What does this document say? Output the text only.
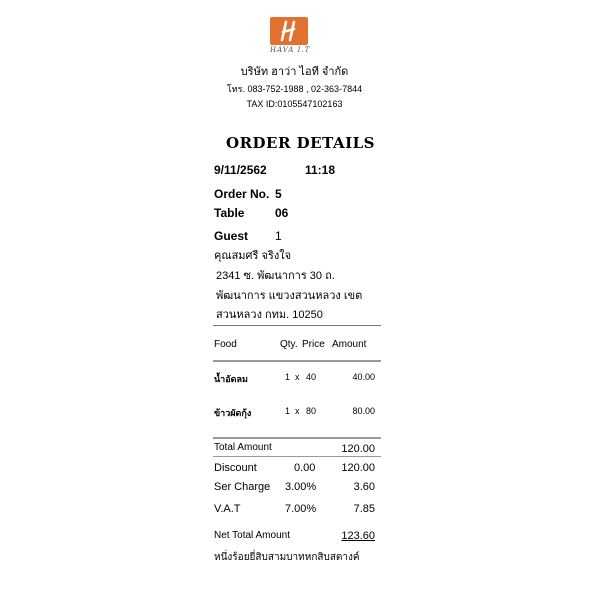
HAVA I.T
บริษัท ฮาว่า ไอที จำกัด
โทร. 083-752-1988 , 02-363-7844
TAX ID:0105547102163
ORDER DETAILS
9/11/2562	11:18
Order No. 5
Table	06
Guest 1
คุณสมศรี จริงใจ
2341 ซ. พัฒนาการ 30 ถ.
พัฒนาการ แขวงสวนหลวง เขต
สวนหลวง กทม. 10250
Food	Qty. Price Amount
น้ำอัดลม	1 x 40	40.00
ข้าวผัดกุ้ง	1 x 80	80.00
Total Amount	120.00
Discount	0.00	120.00
Ser Charge 3.00%	3.60
V.A.T	7.00%	7.85
Net Total Amount	123.60
หนึ่งร้อยยี่สิบสามบาทหกสิบสตางค์
